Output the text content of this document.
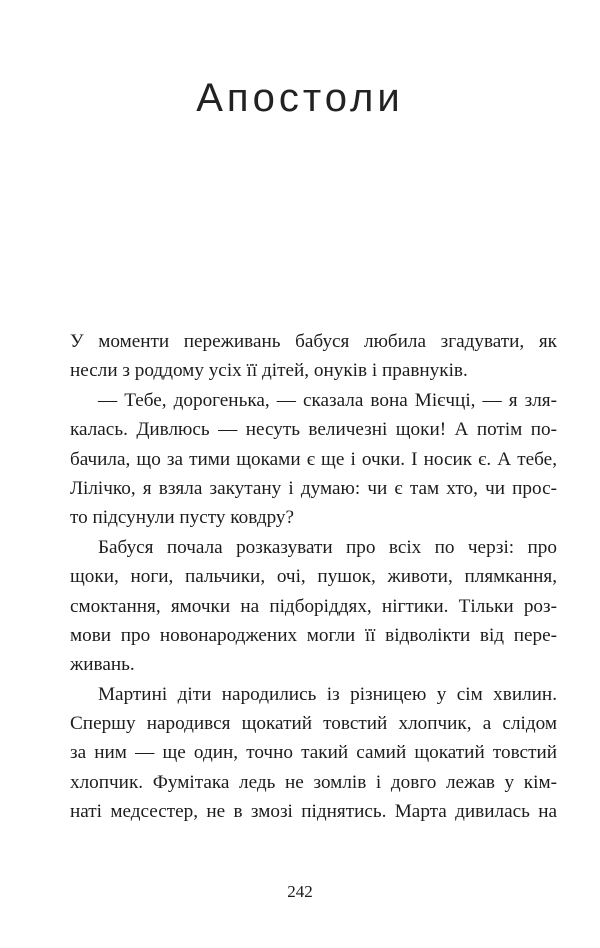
Апостоли
У моменти переживань бабуся любила згадувати, як
несли з роддому усіх її дітей, онуків і правнуків.
— Тебе, дорогенька, — сказала вона Мієчці, — я зля-
калась. Дивлюсь — несуть величезні щоки! А потім по-
бачила, що за тими щоками є ще і очки. І носик є. А тебе,
Лілічко, я взяла закутану і думаю: чи є там хто, чи прос-
то підсунули пусту ковдру?
Бабуся почала розказувати про всіх по черзі: про
щоки, ноги, пальчики, очі, пушок, животи, плямкання,
смоктання, ямочки на підборіддях, нігтики. Тільки роз-
мови про новонароджених могли її відволікти від пере-
живань.
Мартині діти народились із різницею у сім хвилин.
Спершу народився щокатий товстий хлопчик, а слідом
за ним — ще один, точно такий самий щокатий товстий
хлопчик. Фумітака ледь не зомлів і довго лежав у кім-
наті медсестер, не в змозі піднятись. Марта дивилась на
242
